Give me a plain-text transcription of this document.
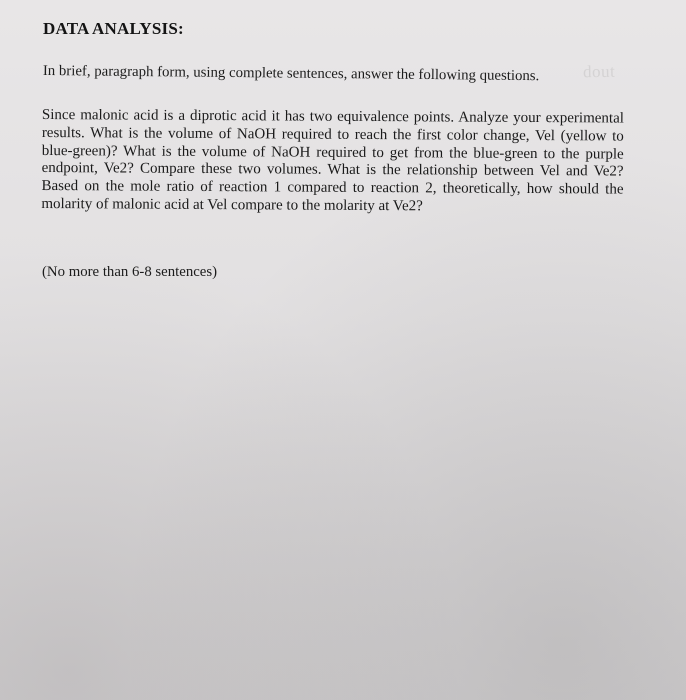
dout
DATA ANALYSIS:

In brief, paragraph form, using complete sentences, answer the following questions.

Since malonic acid is a diprotic acid it has two equivalence points. Analyze your experimental results. What is the volume of NaOH required to reach the first color change, Vel (yellow to blue-green)? What is the volume of NaOH required to get from the blue-green to the purple endpoint, Ve2? Compare these two volumes. What is the relationship between Vel and Ve2? Based on the mole ratio of reaction 1 compared to reaction 2, theoretically, how should the molarity of malonic acid at Vel compare to the molarity at Ve2?

(No more than 6-8 sentences)
